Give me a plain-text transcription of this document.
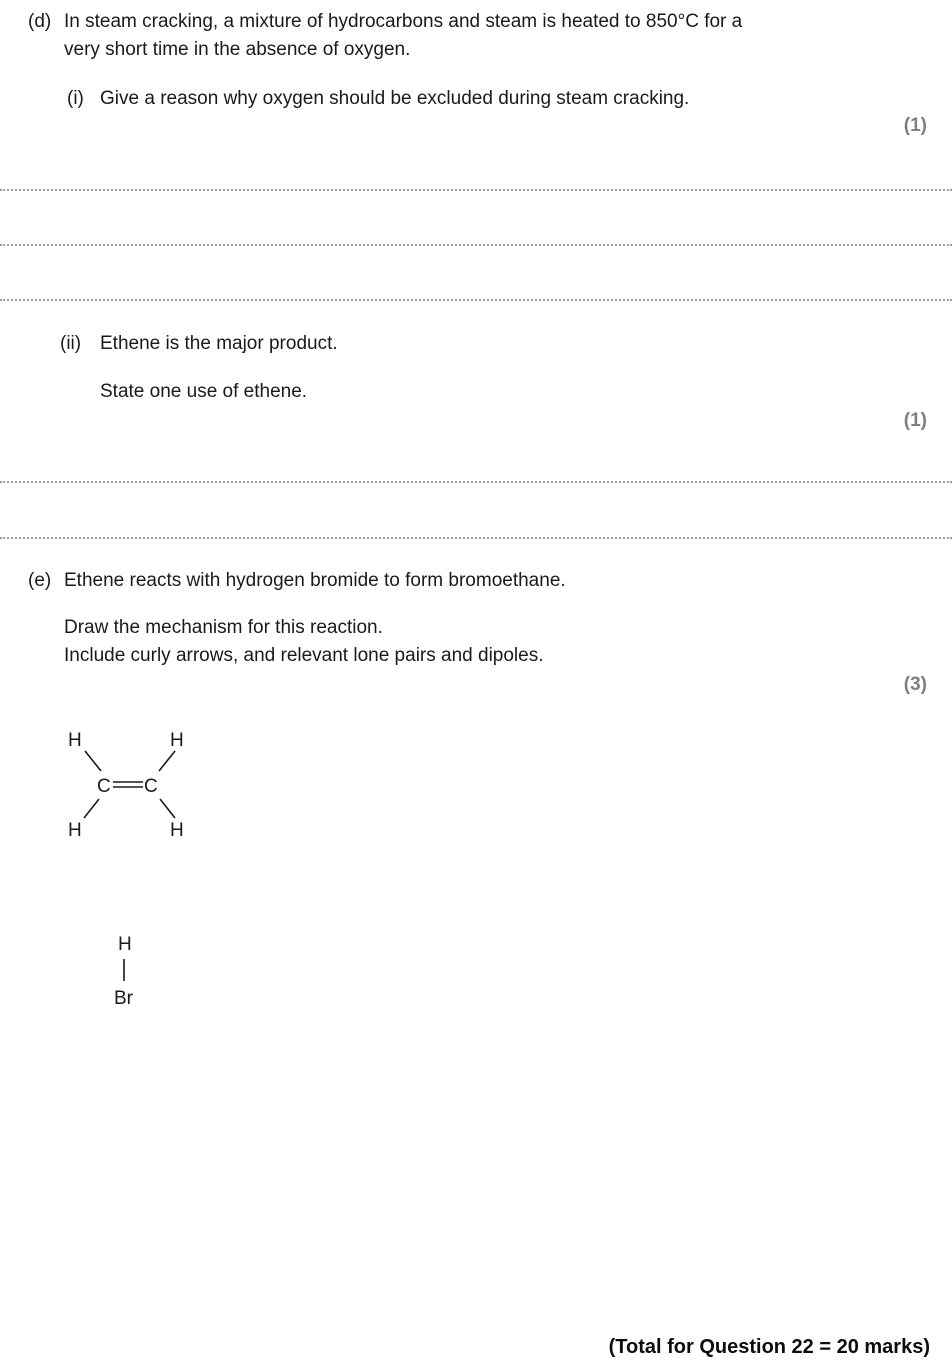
(d) In steam cracking, a mixture of hydrocarbons and steam is heated to 850°C for a
very short time in the absence of oxygen.
(i) Give a reason why oxygen should be excluded during steam cracking.
(1)
(ii) Ethene is the major product.
State one use of ethene.
(1)
(e) Ethene reacts with hydrogen bromide to form bromoethane.
Draw the mechanism for this reaction.
Include curly arrows, and relevant lone pairs and dipoles.
(3)
H	H
C C
H	H
H
Br
(Total for Question 22 = 20 marks)
